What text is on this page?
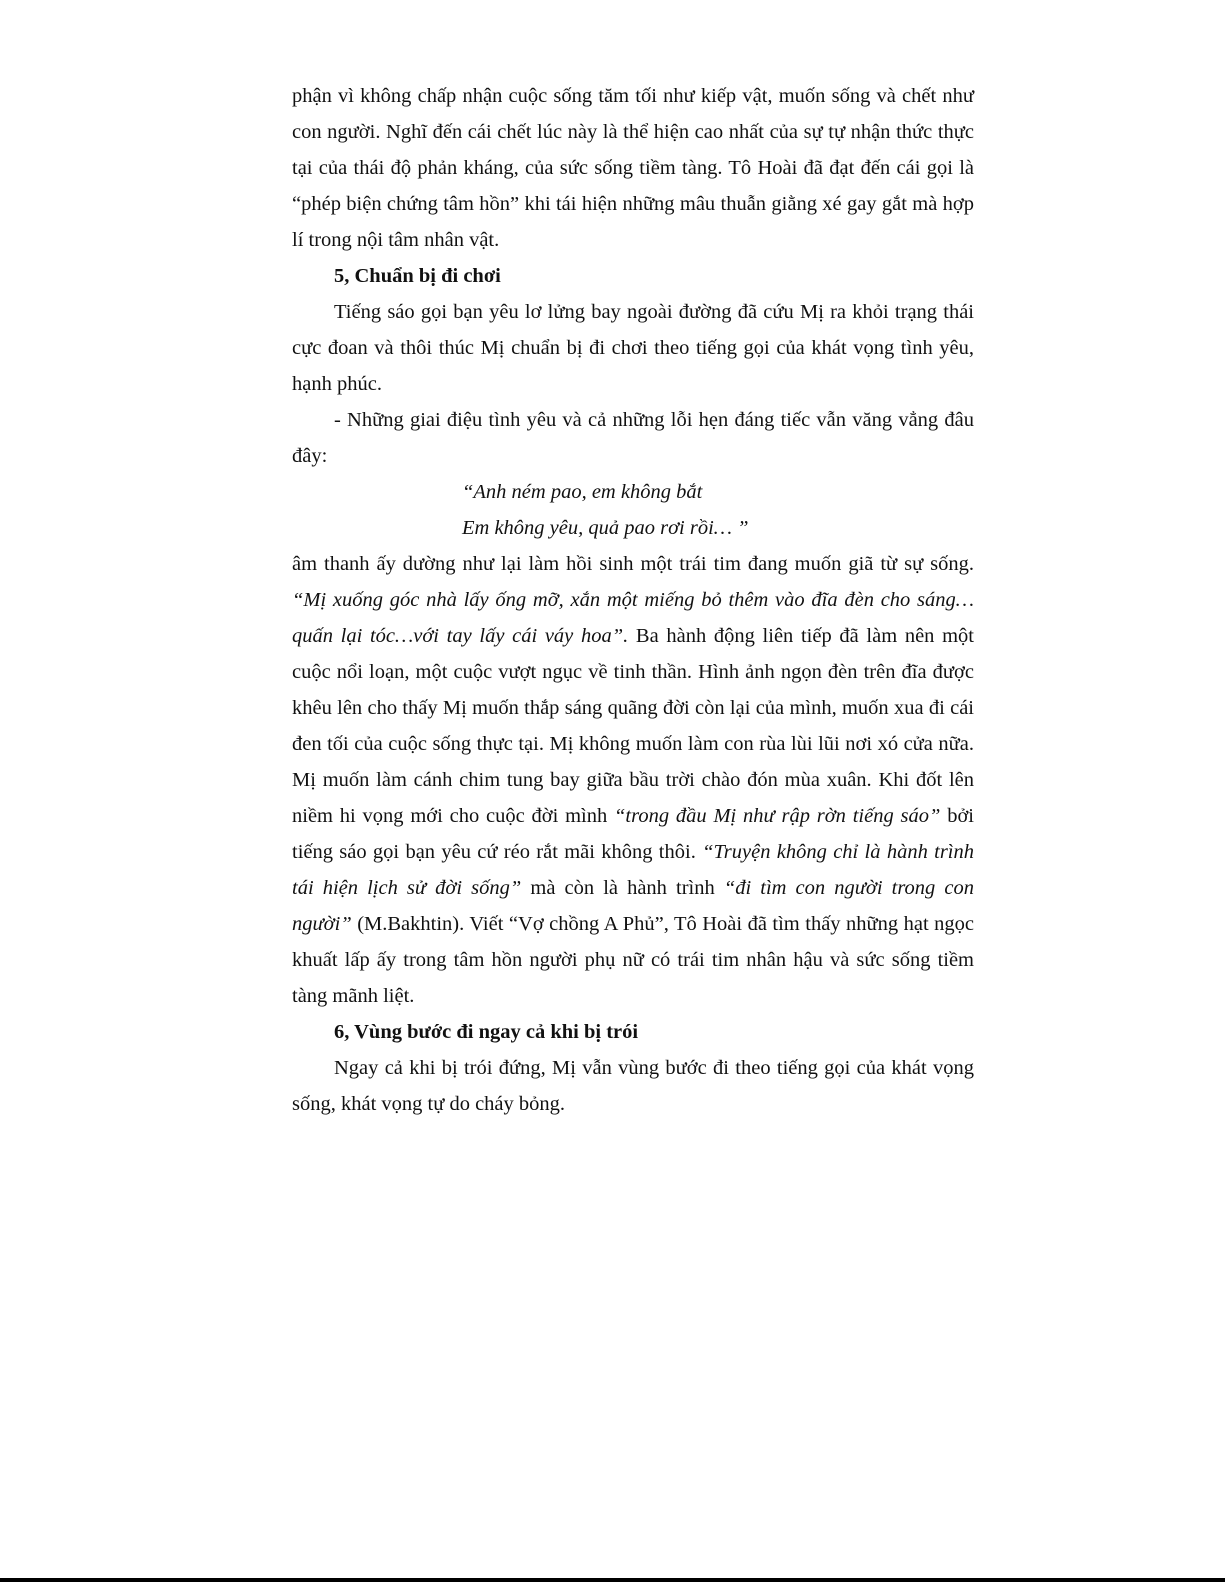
phận vì không chấp nhận cuộc sống tăm tối như kiếp vật, muốn sống và chết như con người. Nghĩ đến cái chết lúc này là thể hiện cao nhất của sự tự nhận thức thực tại của thái độ phản kháng, của sức sống tiềm tàng. Tô Hoài đã đạt đến cái gọi là “phép biện chứng tâm hồn” khi tái hiện những mâu thuẫn giằng xé gay gắt mà hợp lí trong nội tâm nhân vật.

5, Chuẩn bị đi chơi

Tiếng sáo gọi bạn yêu lơ lửng bay ngoài đường đã cứu Mị ra khỏi trạng thái cực đoan và thôi thúc Mị chuẩn bị đi chơi theo tiếng gọi của khát vọng tình yêu, hạnh phúc.

- Những giai điệu tình yêu và cả những lỗi hẹn đáng tiếc vẫn văng vẳng đâu đây:

“Anh ném pao, em không bắt
Em không yêu, quả pao rơi rồi… ”

âm thanh ấy dường như lại làm hồi sinh một trái tim đang muốn giã từ sự sống. “Mị xuống góc nhà lấy ống mỡ, xắn một miếng bỏ thêm vào đĩa đèn cho sáng… quấn lại tóc…với tay lấy cái váy hoa”. Ba hành động liên tiếp đã làm nên một cuộc nổi loạn, một cuộc vượt ngục về tinh thần. Hình ảnh ngọn đèn trên đĩa được khêu lên cho thấy Mị muốn thắp sáng quãng đời còn lại của mình, muốn xua đi cái đen tối của cuộc sống thực tại. Mị không muốn làm con rùa lùi lũi nơi xó cửa nữa. Mị muốn làm cánh chim tung bay giữa bầu trời chào đón mùa xuân. Khi đốt lên niềm hi vọng mới cho cuộc đời mình “trong đầu Mị như rập rờn tiếng sáo” bởi tiếng sáo gọi bạn yêu cứ réo rắt mãi không thôi. “Truyện không chỉ là hành trình tái hiện lịch sử đời sống” mà còn là hành trình “đi tìm con người trong con người” (M.Bakhtin). Viết “Vợ chồng A Phủ”, Tô Hoài đã tìm thấy những hạt ngọc khuất lấp ấy trong tâm hồn người phụ nữ có trái tim nhân hậu và sức sống tiềm tàng mãnh liệt.

6, Vùng bước đi ngay cả khi bị trói

Ngay cả khi bị trói đứng, Mị vẫn vùng bước đi theo tiếng gọi của khát vọng sống, khát vọng tự do cháy bỏng.
